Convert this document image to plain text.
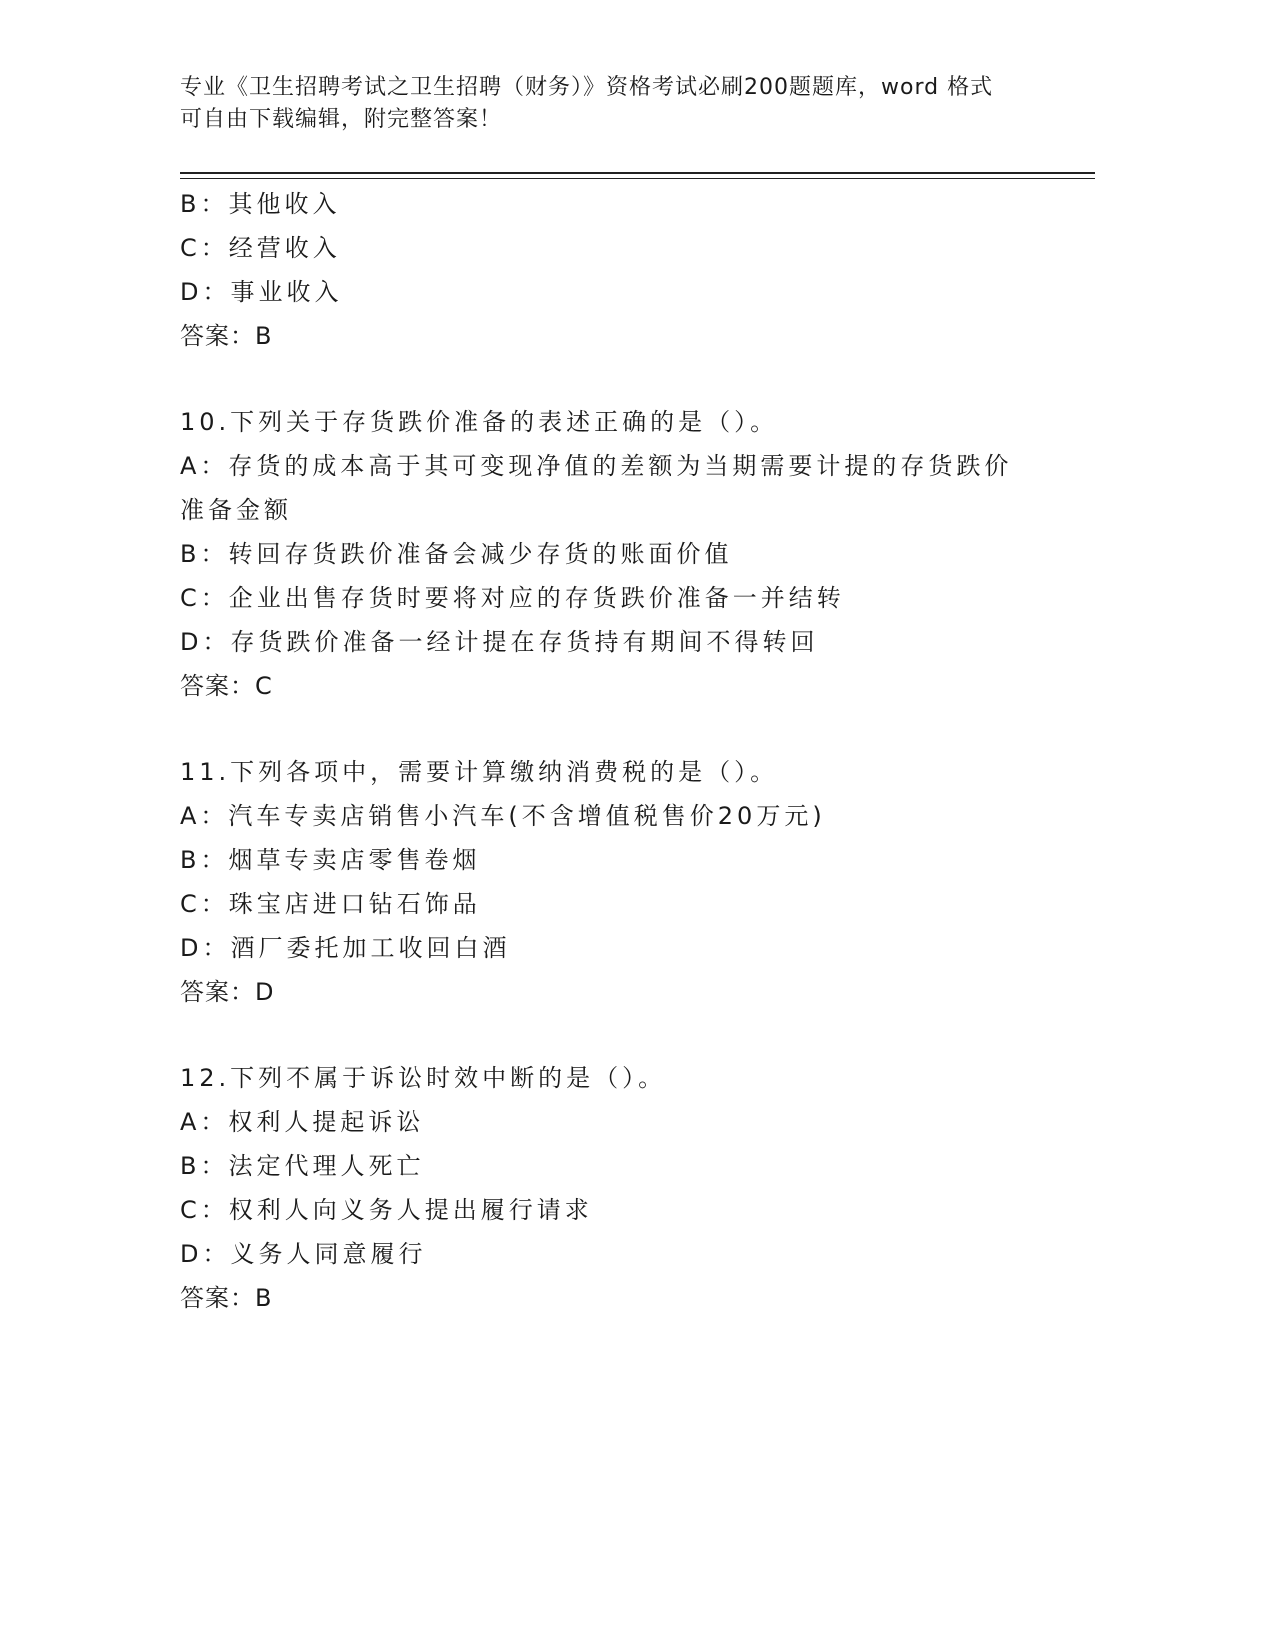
专业《卫生招聘考试之卫生招聘（财务）》资格考试必刷200题题库，word 格式
可自由下载编辑，附完整答案！
B：其他收入
C：经营收入
D：事业收入
答案：B
10.下列关于存货跌价准备的表述正确的是（）。
A：存货的成本高于其可变现净值的差额为当期需要计提的存货跌价准备金额
B：转回存货跌价准备会减少存货的账面价值
C：企业出售存货时要将对应的存货跌价准备一并结转
D：存货跌价准备一经计提在存货持有期间不得转回
答案：C
11.下列各项中，需要计算缴纳消费税的是（）。
A：汽车专卖店销售小汽车(不含增值税售价20万元)
B：烟草专卖店零售卷烟
C：珠宝店进口钻石饰品
D：酒厂委托加工收回白酒
答案：D
12.下列不属于诉讼时效中断的是（）。
A：权利人提起诉讼
B：法定代理人死亡
C：权利人向义务人提出履行请求
D：义务人同意履行
答案：B
